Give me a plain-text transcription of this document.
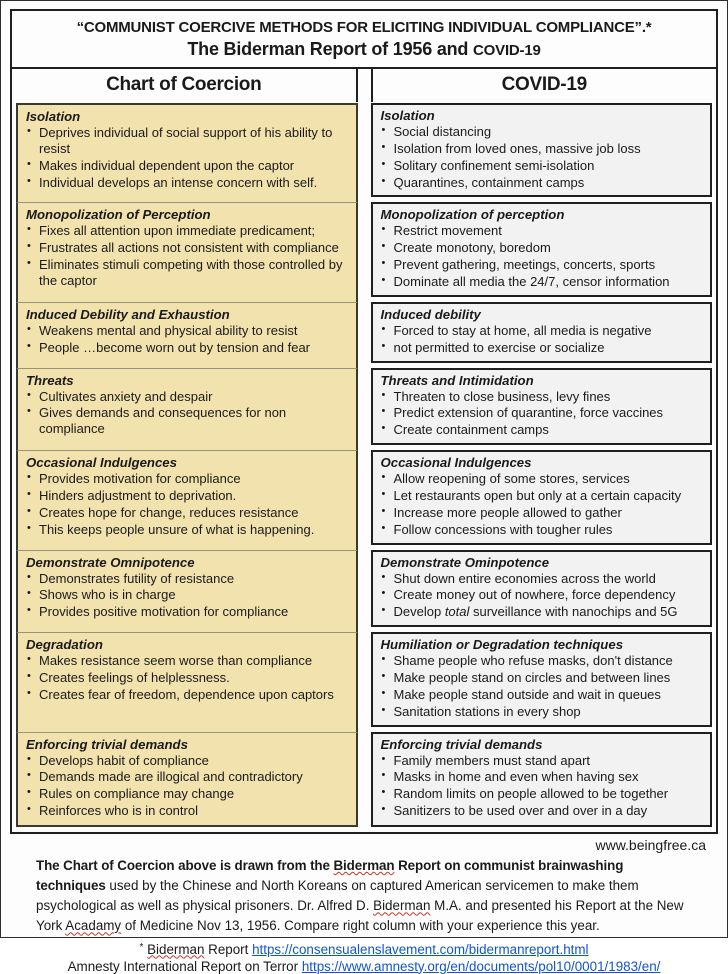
“COMMUNIST COERCIVE METHODS FOR ELICITING INDIVIDUAL COMPLIANCE”.*
The Biderman Report of 1956 and COVID-19
Chart of Coercion	COVID-19
Isolation
• Deprives individual of social support of his ability to resist
• Makes individual dependent upon the captor
• Individual develops an intense concern with self.
Isolation
• Social distancing
• Isolation from loved ones, massive job loss
• Solitary confinement semi-isolation
• Quarantines, containment camps
Monopolization of Perception
• Fixes all attention upon immediate predicament;
• Frustrates all actions not consistent with compliance
• Eliminates stimuli competing with those controlled by the captor
Monopolization of perception
• Restrict movement
• Create monotony, boredom
• Prevent gathering, meetings, concerts, sports
• Dominate all media the 24/7, censor information
Induced Debility and Exhaustion
• Weakens mental and physical ability to resist
• People …become worn out by tension and fear
Induced debility
• Forced to stay at home, all media is negative
• not permitted to exercise or socialize
Threats
• Cultivates anxiety and despair
• Gives demands and consequences for non compliance
Threats and Intimidation
• Threaten to close business, levy fines
• Predict extension of quarantine, force vaccines
• Create containment camps
Occasional Indulgences
• Provides motivation for compliance
• Hinders adjustment to deprivation.
• Creates hope for change, reduces resistance
• This keeps people unsure of what is happening.
Occasional Indulgences
• Allow reopening of some stores, services
• Let restaurants open but only at a certain capacity
• Increase more people allowed to gather
• Follow concessions with tougher rules
Demonstrate Omnipotence
• Demonstrates futility of resistance
• Shows who is in charge
• Provides positive motivation for compliance
Demonstrate Ominpotence
• Shut down entire economies across the world
• Create money out of nowhere, force dependency
• Develop total surveillance with nanochips and 5G
Degradation
• Makes resistance seem worse than compliance
• Creates feelings of helplessness.
• Creates fear of freedom, dependence upon captors
Humiliation or Degradation techniques
• Shame people who refuse masks, don't distance
• Make people stand on circles and between lines
• Make people stand outside and wait in queues
• Sanitation stations in every shop
Enforcing trivial demands
• Develops habit of compliance
• Demands made are illogical and contradictory
• Rules on compliance may change
• Reinforces who is in control
Enforcing trivial demands
• Family members must stand apart
• Masks in home and even when having sex
• Random limits on people allowed to be together
• Sanitizers to be used over and over in a day
www.beingfree.ca
The Chart of Coercion above is drawn from the Biderman Report on communist brainwashing techniques used by the Chinese and North Koreans on captured American servicemen to make them psychological as well as physical prisoners. Dr. Alfred D. Biderman M.A. and presented his Report at the New York Acadamy of Medicine Nov 13, 1956. Compare right column with your experience this year.
* Biderman Report https://consensualenslavement.com/bidermanreport.html
Amnesty International Report on Terror https://www.amnesty.org/en/documents/pol10/0001/1983/en/
